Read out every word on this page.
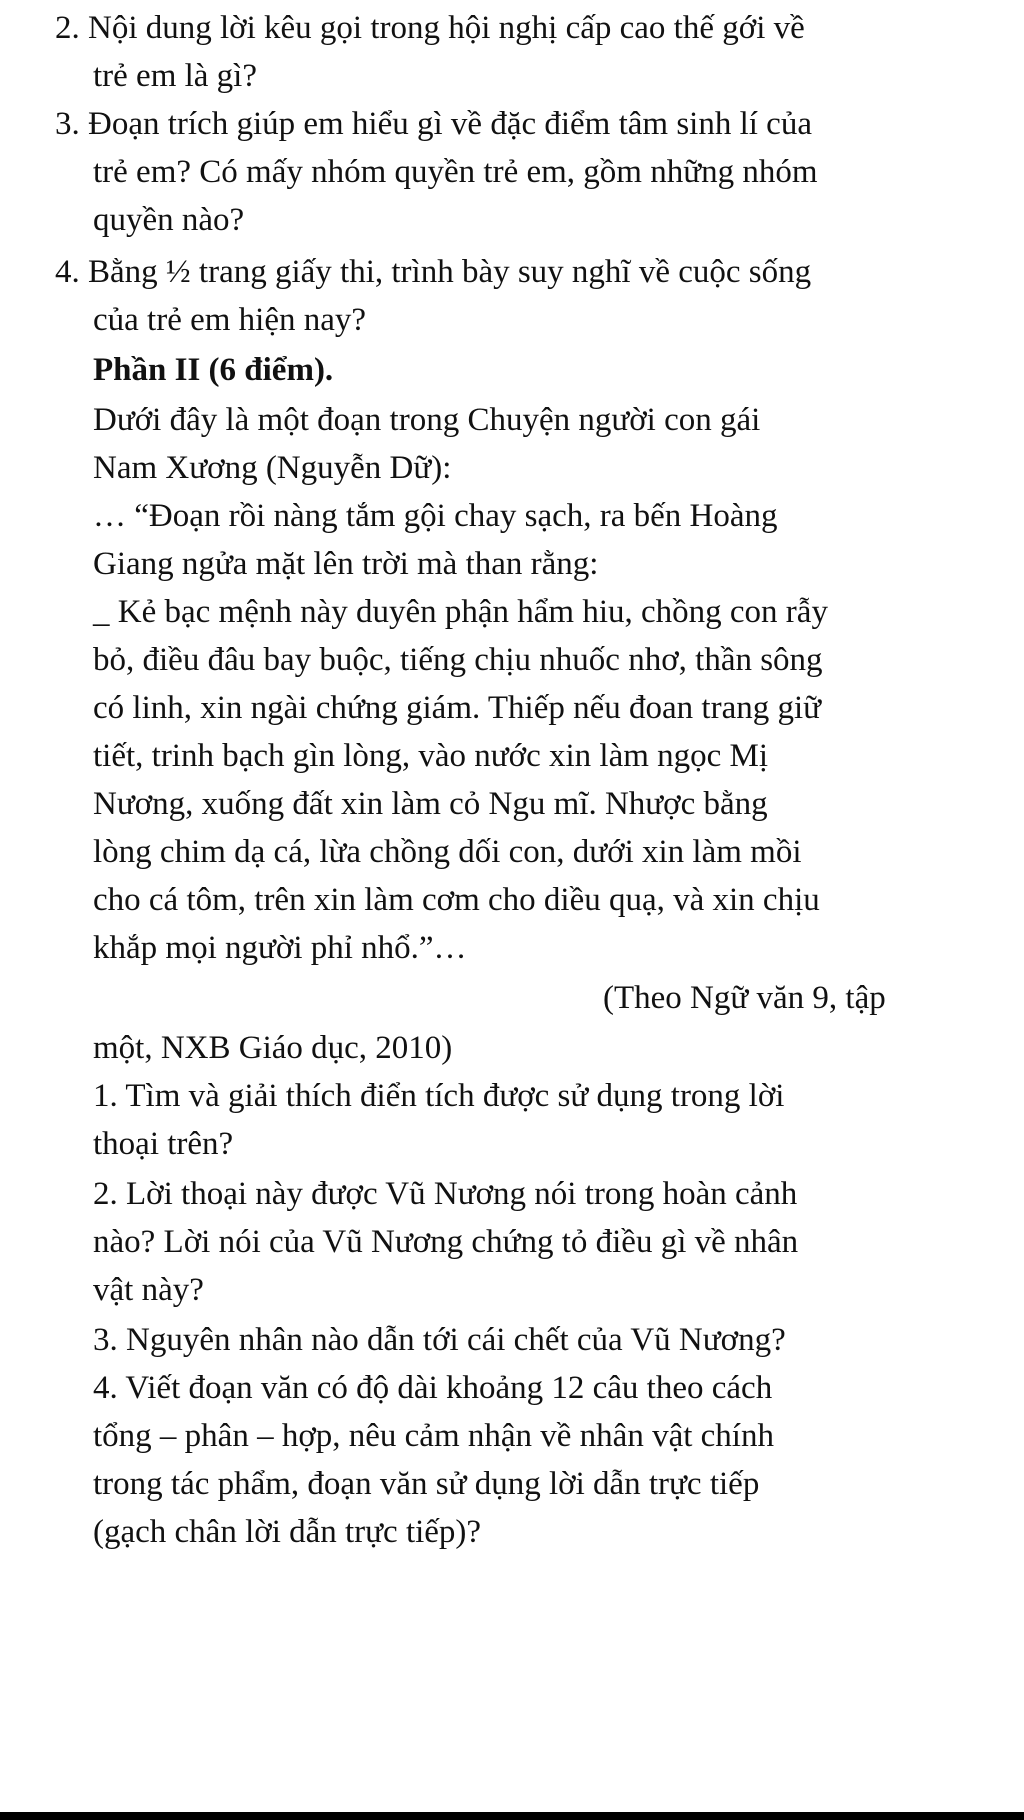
2. Nội dung lời kêu gọi trong hội nghị cấp cao thế gới về
trẻ em là gì?
3. Đoạn trích giúp em hiểu gì về đặc điểm tâm sinh lí của
trẻ em? Có mấy nhóm quyền trẻ em, gồm những nhóm
quyền nào?
4. Bằng ½ trang giấy thi, trình bày suy nghĩ về cuộc sống
của trẻ em hiện nay?
Phần II (6 điểm).
Dưới đây là một đoạn trong Chuyện người con gái
Nam Xương (Nguyễn Dữ):
… “Đoạn rồi nàng tắm gội chay sạch, ra bến Hoàng
Giang ngửa mặt lên trời mà than rằng:
_ Kẻ bạc mệnh này duyên phận hẩm hiu, chồng con rẫy
bỏ, điều đâu bay buộc, tiếng chịu nhuốc nhơ, thần sông
có linh, xin ngài chứng giám. Thiếp nếu đoan trang giữ
tiết, trinh bạch gìn lòng, vào nước xin làm ngọc Mị
Nương, xuống đất xin làm cỏ Ngu mĩ. Nhược bằng
lòng chim dạ cá, lừa chồng dối con, dưới xin làm mồi
cho cá tôm, trên xin làm cơm cho diều quạ, và xin chịu
khắp mọi người phỉ nhổ.”…
(Theo Ngữ văn 9, tập
một, NXB Giáo dục, 2010)
1. Tìm và giải thích điển tích được sử dụng trong lời
thoại trên?
2. Lời thoại này được Vũ Nương nói trong hoàn cảnh
nào? Lời nói của Vũ Nương chứng tỏ điều gì về nhân
vật này?
3. Nguyên nhân nào dẫn tới cái chết của Vũ Nương?
4. Viết đoạn văn có độ dài khoảng 12 câu theo cách
tổng – phân – hợp, nêu cảm nhận về nhân vật chính
trong tác phẩm, đoạn văn sử dụng lời dẫn trực tiếp
(gạch chân lời dẫn trực tiếp)?
